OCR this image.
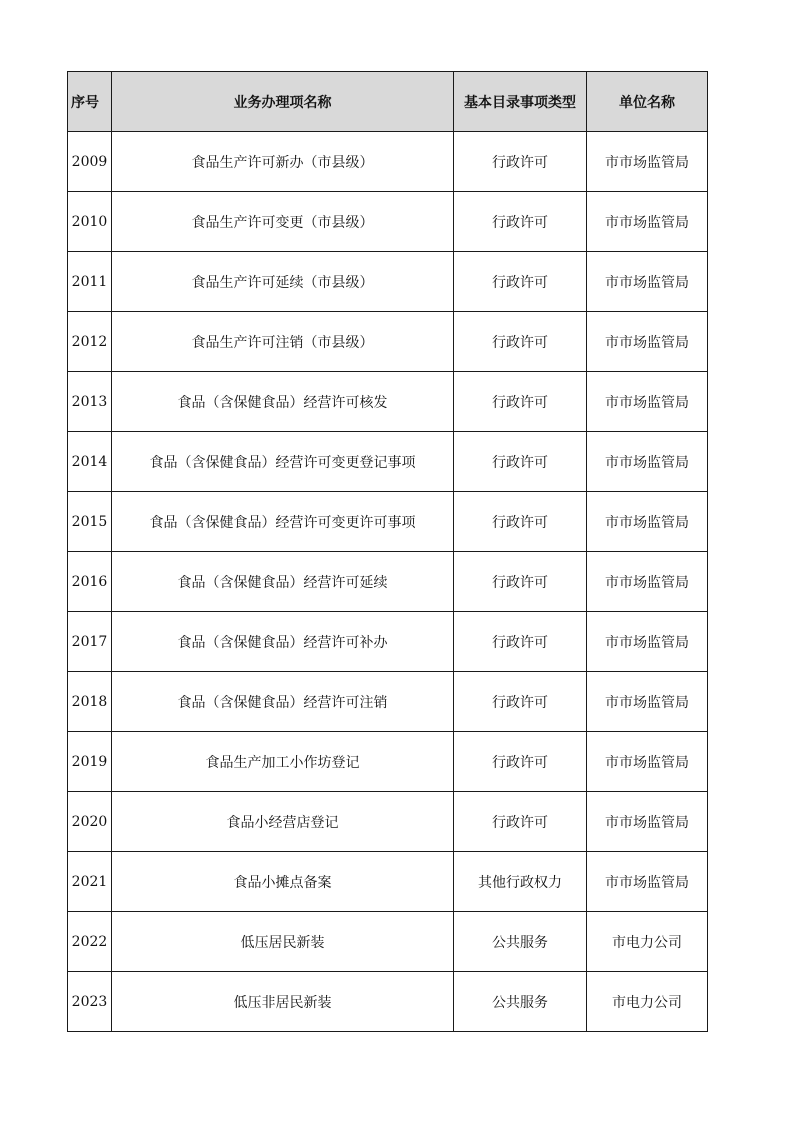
序号	业务办理项名称	基本目录事项类型	单位名称
2009	食品生产许可新办（市县级）	行政许可	市市场监管局
2010	食品生产许可变更（市县级）	行政许可	市市场监管局
2011	食品生产许可延续（市县级）	行政许可	市市场监管局
2012	食品生产许可注销（市县级）	行政许可	市市场监管局
2013	食品（含保健食品）经营许可核发	行政许可	市市场监管局
2014	食品（含保健食品）经营许可变更登记事项	行政许可	市市场监管局
2015	食品（含保健食品）经营许可变更许可事项	行政许可	市市场监管局
2016	食品（含保健食品）经营许可延续	行政许可	市市场监管局
2017	食品（含保健食品）经营许可补办	行政许可	市市场监管局
2018	食品（含保健食品）经营许可注销	行政许可	市市场监管局
2019	食品生产加工小作坊登记	行政许可	市市场监管局
2020	食品小经营店登记	行政许可	市市场监管局
2021	食品小摊点备案	其他行政权力	市市场监管局
2022	低压居民新装	公共服务	市电力公司
2023	低压非居民新装	公共服务	市电力公司
